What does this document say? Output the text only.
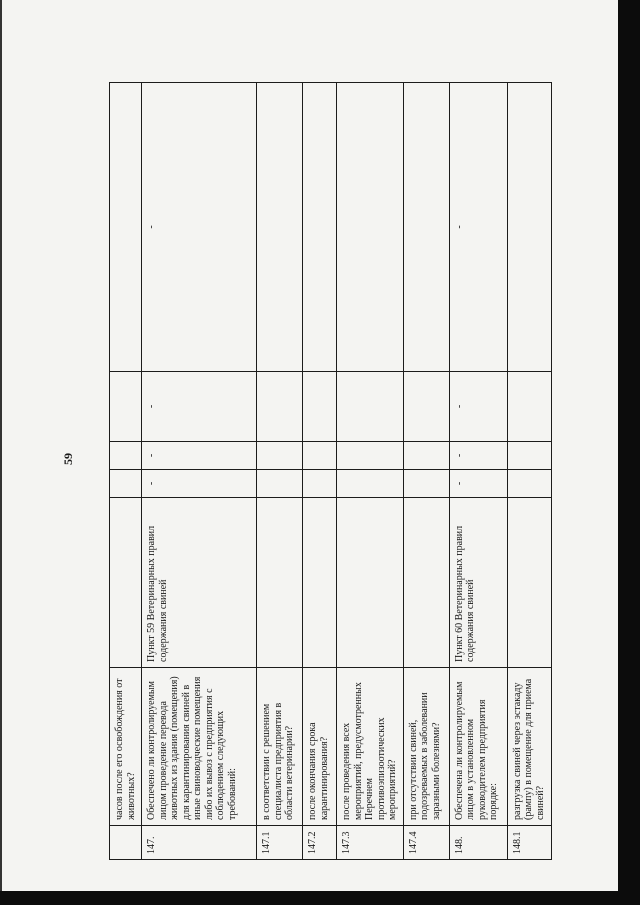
59
	часов после его освобождения от животных?					
147.	Обеспечено ли контролируемым лицом проведение перевода животных из здания (помещения) для карантинирования свиней в иные свиноводческие помещения либо их вывоз с предприятия с соблюдением следующих требований:	Пункт 59 Ветеринарных правил содержания свиней	-	-	-	-
147.1	в соответствии с решением специалиста предприятия в области ветеринарии?					
147.2	после окончания срока карантинирования?					
147.3	после проведения всех мероприятий, предусмотренных Перечнем противоэпизоотических мероприятий?					
147.4	при отсутствии свиней, подозреваемых в заболевании заразными болезнями?					
148.	Обеспечена ли контролируемым лицом в установленном руководителем предприятия порядке:	Пункт 60 Ветеринарных правил содержания свиней	-	-	-	-
148.1	разгрузка свиней через эстакаду (рампу) в помещение для приема свиней?					
